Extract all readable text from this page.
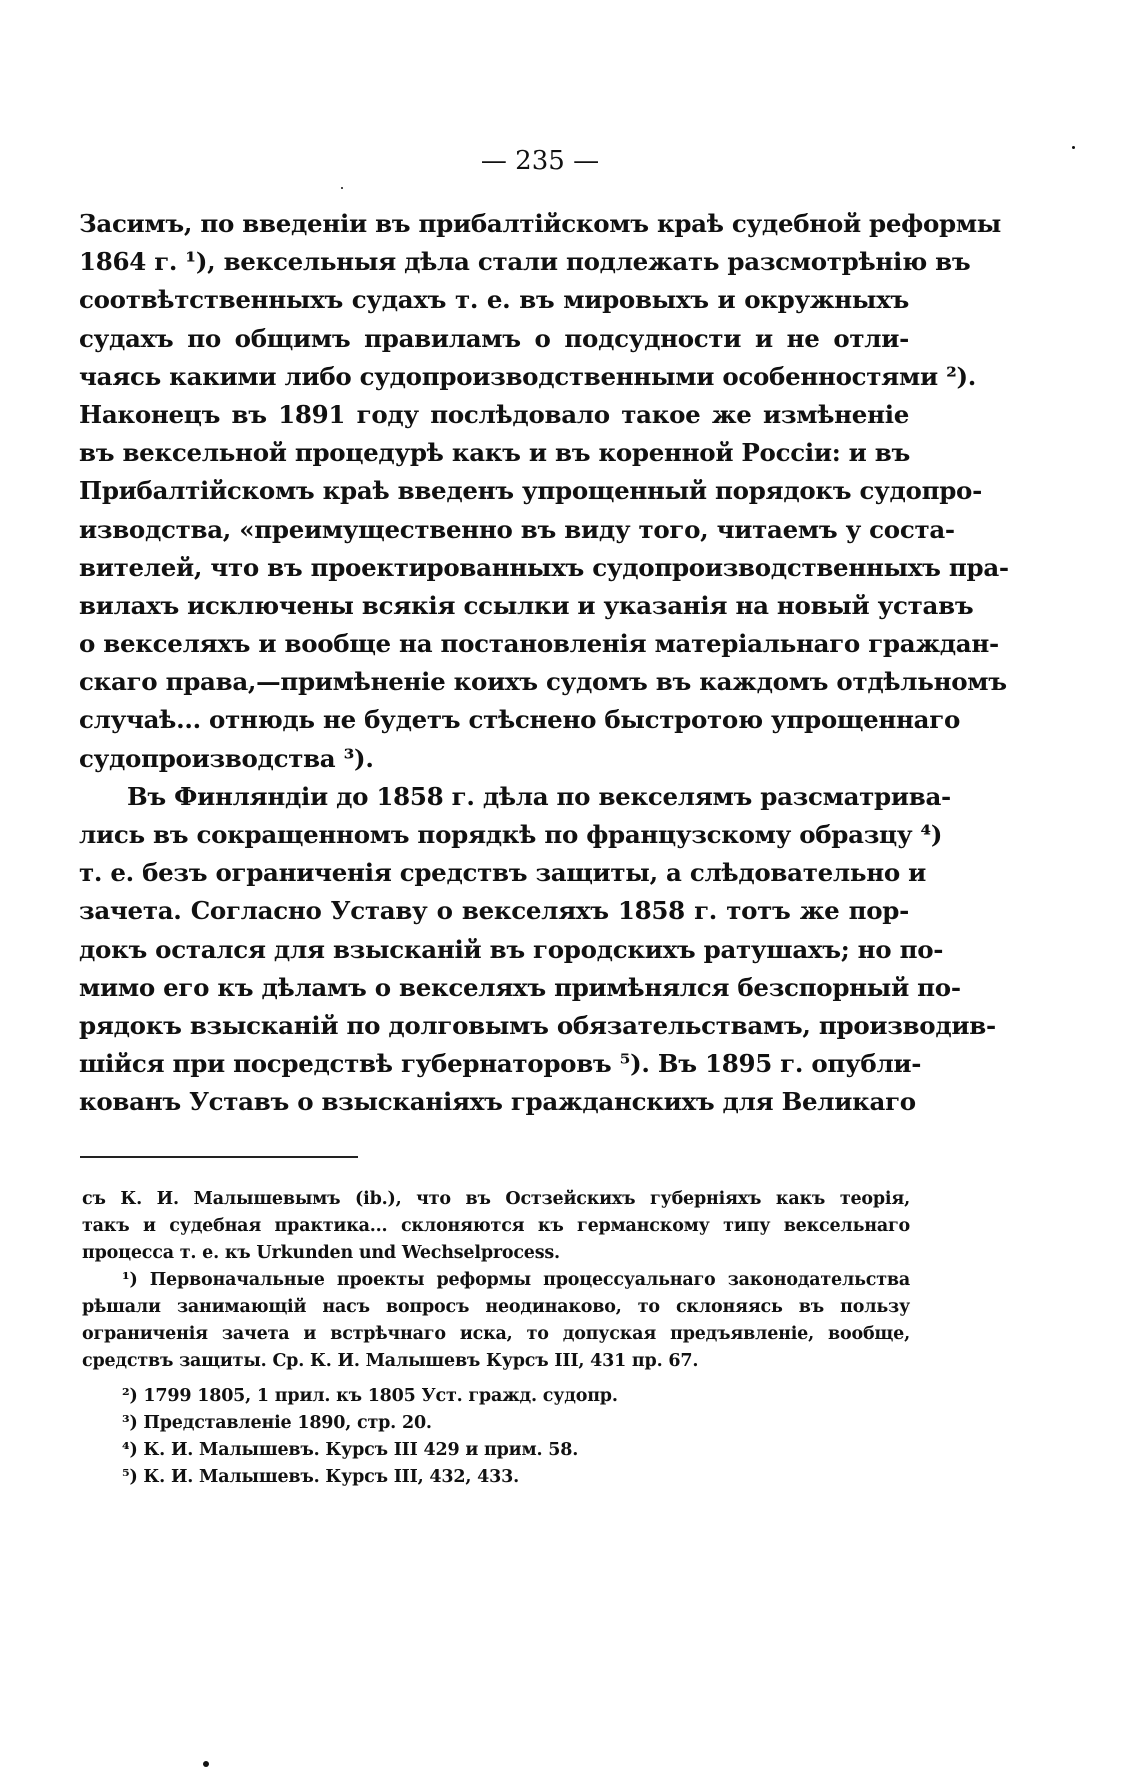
— 235 —
Засимъ, по введеніи въ прибалтійскомъ краѣ судебной реформы
1864 г. ¹), вексельныя дѣла стали подлежать разсмотрѣнію въ
соотвѣтственныхъ судахъ т. е. въ мировыхъ и окружныхъ
судахъ по общимъ правиламъ о подсудности и не отли-
чаясь какими либо судопроизводственными особенностями ²).
Наконецъ въ 1891 году послѣдовало такое же измѣненіе
въ вексельной процедурѣ какъ и въ коренной Россіи: и въ
Прибалтійскомъ краѣ введенъ упрощенный порядокъ судопро-
изводства, «преимущественно въ виду того, читаемъ у соста-
вителей, что въ проектированныхъ судопроизводственныхъ пра-
вилахъ исключены всякія ссылки и указанія на новый уставъ
о векселяхъ и вообще на постановленія матеріальнаго граждан-
скаго права,—примѣненіе коихъ судомъ въ каждомъ отдѣльномъ
случаѣ... отнюдь не будетъ стѣснено быстротою упрощеннаго
судопроизводства ³).
Въ Финляндіи до 1858 г. дѣла по векселямъ разсматрива-
лись въ сокращенномъ порядкѣ по французскому образцу ⁴)
т. е. безъ ограниченія средствъ защиты, а слѣдовательно и
зачета. Согласно Уставу о векселяхъ 1858 г. тотъ же пор-
докъ остался для взысканій въ городскихъ ратушахъ; но по-
мимо его къ дѣламъ о векселяхъ примѣнялся безспорный по-
рядокъ взысканій по долговымъ обязательствамъ, производив-
шійся при посредствѣ губернаторовъ ⁵). Въ 1895 г. опубли-
кованъ Уставъ о взысканіяхъ гражданскихъ для Великаго
съ К. И. Малышевымъ (ib.), что въ Остзейскихъ губерніяхъ какъ теорія,
такъ и судебная практика... склоняются къ германскому типу вексельнаго
процесса т. е. къ Urkunden und Wechselprocess.
¹) Первоначальные проекты реформы процессуальнаго законодательства
рѣшали занимающій насъ вопросъ неодинаково, то склоняясь въ пользу
ограниченія зачета и встрѣчнаго иска, то допуская предъявленіе, вообще,
средствъ защиты. Ср. К. И. Малышевъ Курсъ III, 431 пр. 67.
²) 1799 1805, 1 прил. къ 1805 Уст. гражд. судопр.
³) Представленіе 1890, стр. 20.
⁴) К. И. Малышевъ. Курсъ III 429 и прим. 58.
⁵) К. И. Малышевъ. Курсъ III, 432, 433.
